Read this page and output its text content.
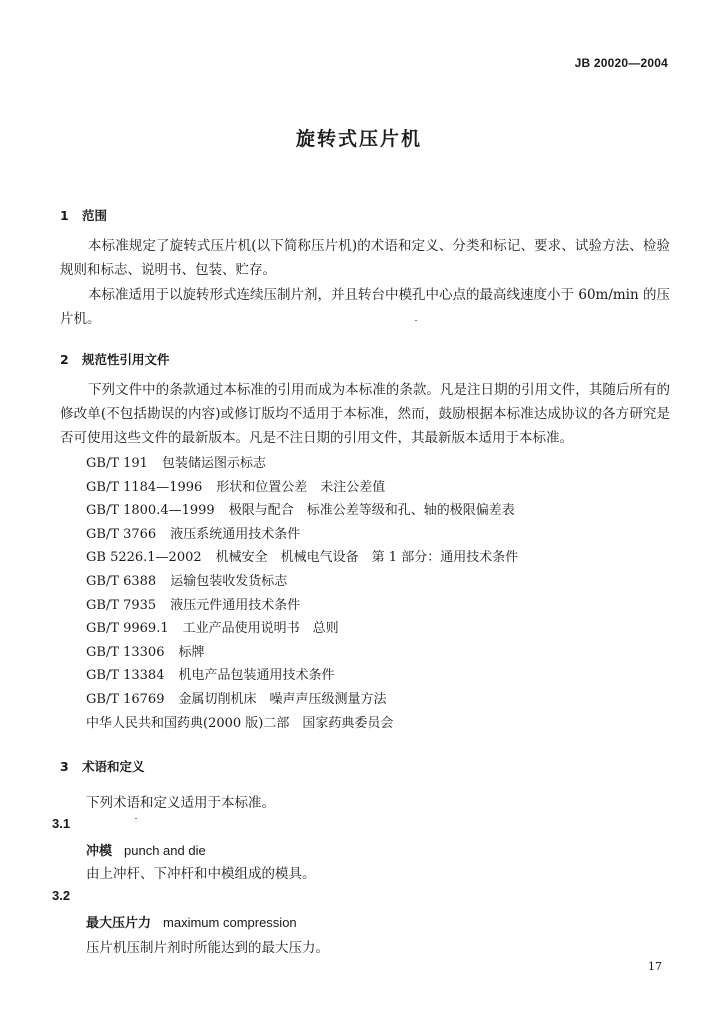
JB 20020—2004
旋转式压片机
1 范围
本标准规定了旋转式压片机(以下简称压片机)的术语和定义、分类和标记、要求、试验方法、检验规则和标志、说明书、包装、贮存。
本标准适用于以旋转形式连续压制片剂，并且转台中模孔中心点的最高线速度小于 60m/min 的压片机。
2 规范性引用文件
下列文件中的条款通过本标准的引用而成为本标准的条款。凡是注日期的引用文件，其随后所有的修改单(不包括勘误的内容)或修订版均不适用于本标准，然而，鼓励根据本标准达成协议的各方研究是否可使用这些文件的最新版本。凡是不注日期的引用文件，其最新版本适用于本标准。
GB/T 191 包装储运图示标志
GB/T 1184—1996 形状和位置公差　未注公差值
GB/T 1800.4—1999 极限与配合　标准公差等级和孔、轴的极限偏差表
GB/T 3766 液压系统通用技术条件
GB 5226.1—2002 机械安全　机械电气设备　第 1 部分：通用技术条件
GB/T 6388 运输包装收发货标志
GB/T 7935 液压元件通用技术条件
GB/T 9969.1 工业产品使用说明书　总则
GB/T 13306 标牌
GB/T 13384 机电产品包装通用技术条件
GB/T 16769 金属切削机床　噪声声压级测量方法
中华人民共和国药典(2000 版)二部　国家药典委员会
3 术语和定义
下列术语和定义适用于本标准。
3.1
冲模 punch and die
由上冲杆、下冲杆和中模组成的模具。
3.2
最大压片力 maximum compression
压片机压制片剂时所能达到的最大压力。
17
